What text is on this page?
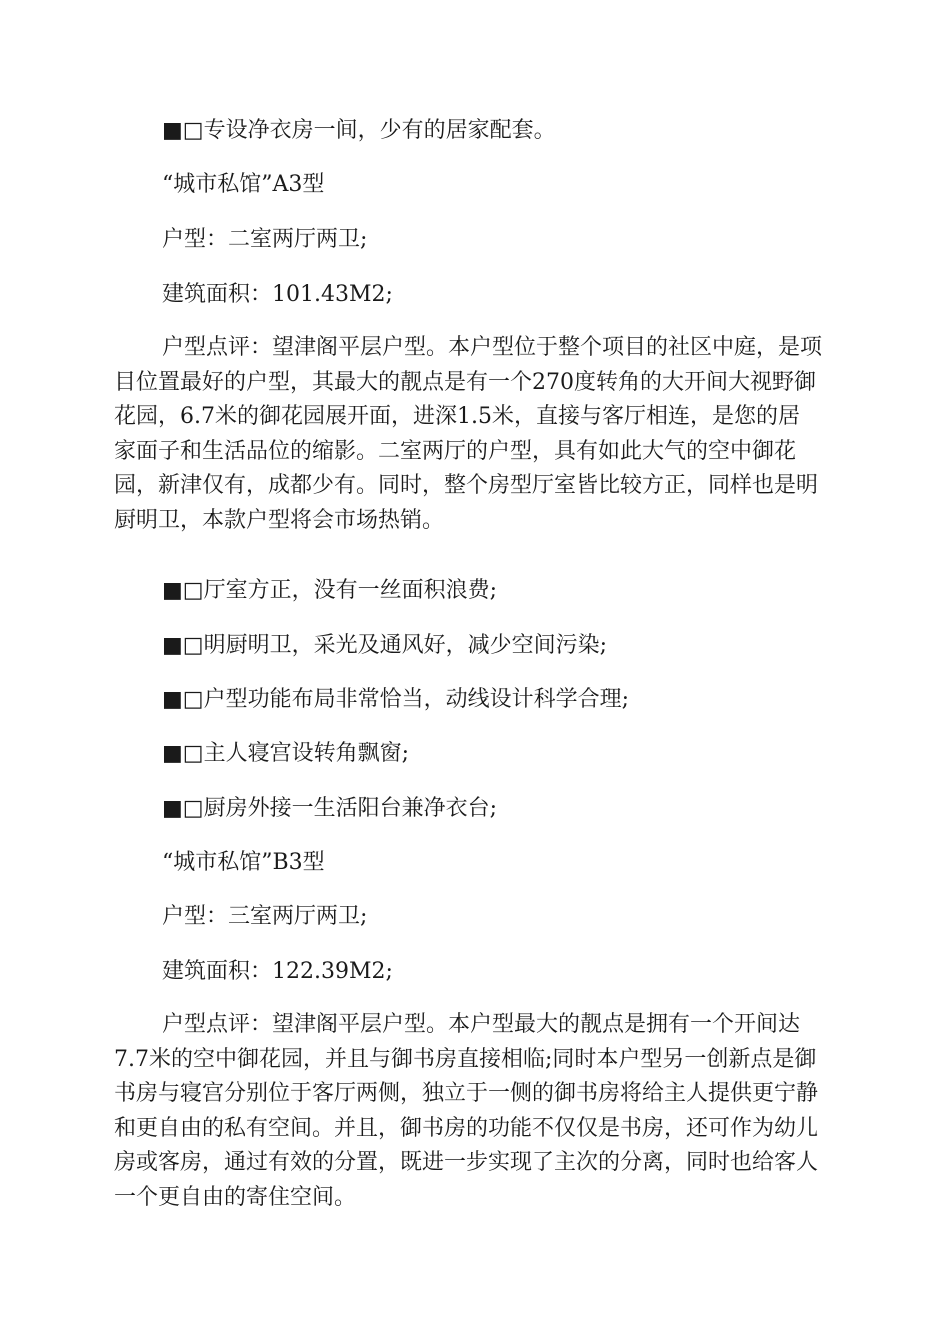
■□专设净衣房一间，少有的居家配套。
“城市私馆”A3型
户型：二室两厅两卫;
建筑面积：101.43M2;

户型点评：望津阁平层户型。本户型位于整个项目的社区中庭，是项

目位置最好的户型，其最大的靓点是有一个270度转角的大开间大视野御

花园，6.7米的御花园展开面，进深1.5米，直接与客厅相连，是您的居

家面子和生活品位的缩影。二室两厅的户型，具有如此大气的空中御花

园，新津仅有，成都少有。同时，整个房型厅室皆比较方正，同样也是明

厨明卫，本款户型将会市场热销。

■□厅室方正，没有一丝面积浪费;
■□明厨明卫，采光及通风好，减少空间污染;
■□户型功能布局非常恰当，动线设计科学合理;
■□主人寝宫设转角飘窗;
■□厨房外接一生活阳台兼净衣台;
“城市私馆”B3型
户型：三室两厅两卫;
建筑面积：122.39M2;

户型点评：望津阁平层户型。本户型最大的靓点是拥有一个开间达

7.7米的空中御花园，并且与御书房直接相临;同时本户型另一创新点是御

书房与寝宫分别位于客厅两侧，独立于一侧的御书房将给主人提供更宁静

和更自由的私有空间。并且，御书房的功能不仅仅是书房，还可作为幼儿

房或客房，通过有效的分置，既进一步实现了主次的分离，同时也给客人

一个更自由的寄住空间。
